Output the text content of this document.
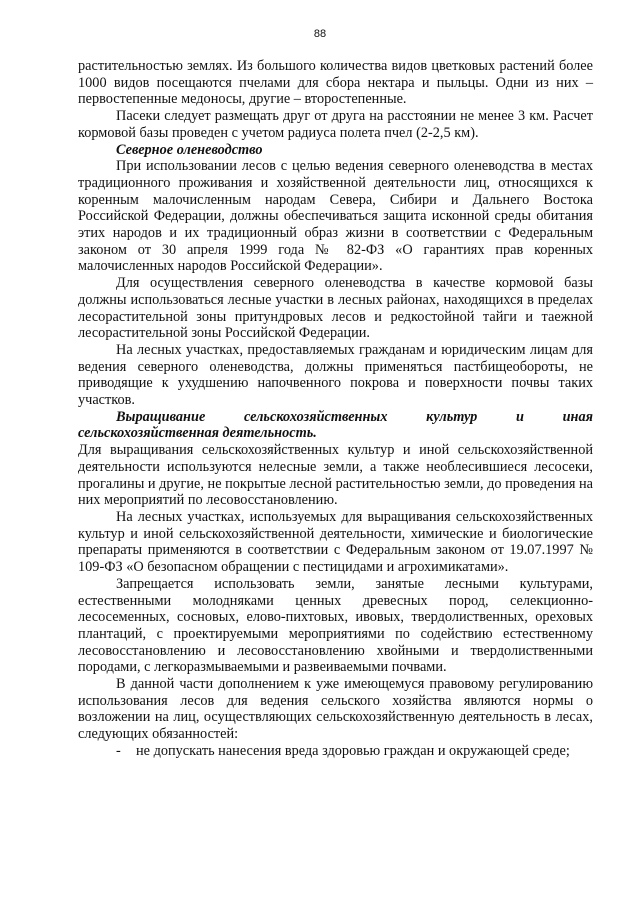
88

растительностью землях. Из большого количества видов цветковых растений более 1000 видов посещаются пчелами для сбора нектара и пыльцы. Одни из них – первостепенные медоносы, другие – второстепенные.

Пасеки следует размещать друг от друга на расстоянии не менее 3 км. Расчет кормовой базы проведен с учетом радиуса полета пчел (2-2,5 км).

Северное оленеводство

При использовании лесов с целью ведения северного оленеводства в местах традиционного проживания и хозяйственной деятельности лиц, относящихся к коренным малочисленным народам Севера, Сибири и Дальнего Востока Российской Федерации, должны обеспечиваться защита исконной среды обитания этих народов и их традиционный образ жизни в соответствии с Федеральным законом от 30 апреля 1999 года № 82-ФЗ «О гарантиях прав коренных малочисленных народов Российской Федерации».

Для осуществления северного оленеводства в качестве кормовой базы должны использоваться лесные участки в лесных районах, находящихся в пределах лесорастительной зоны притундровых лесов и редкостойной тайги и таежной лесорастительной зоны Российской Федерации.

На лесных участках, предоставляемых гражданам и юридическим лицам для ведения северного оленеводства, должны применяться пастбищеобороты, не приводящие к ухудшению напочвенного покрова и поверхности почвы таких участков.

Выращивание сельскохозяйственных культур и иная сельскохозяйственная деятельность.

Для выращивания сельскохозяйственных культур и иной сельскохозяйственной деятельности используются нелесные земли, а также необлесившиеся лесосеки, прогалины и другие, не покрытые лесной растительностью земли, до проведения на них мероприятий по лесовосстановлению.

На лесных участках, используемых для выращивания сельскохозяйственных культур и иной сельскохозяйственной деятельности, химические и биологические препараты применяются в соответствии с Федеральным законом от 19.07.1997 № 109-ФЗ «О безопасном обращении с пестицидами и агрохимикатами».

Запрещается использовать земли, занятые лесными культурами, естественными молодняками ценных древесных пород, селекционно-лесосеменных, сосновых, елово-пихтовых, ивовых, твердолиственных, ореховых плантаций, с проектируемыми мероприятиями по содействию естественному лесовосстановлению и лесовосстановлению хвойными и твердолиственными породами, с легкоразмываемыми и развеиваемыми почвами.

В данной части дополнением к уже имеющемуся правовому регулированию использования лесов для ведения сельского хозяйства являются нормы о возложении на лиц, осуществляющих сельскохозяйственную деятельность в лесах, следующих обязанностей:

- не допускать нанесения вреда здоровью граждан и окружающей среде;
